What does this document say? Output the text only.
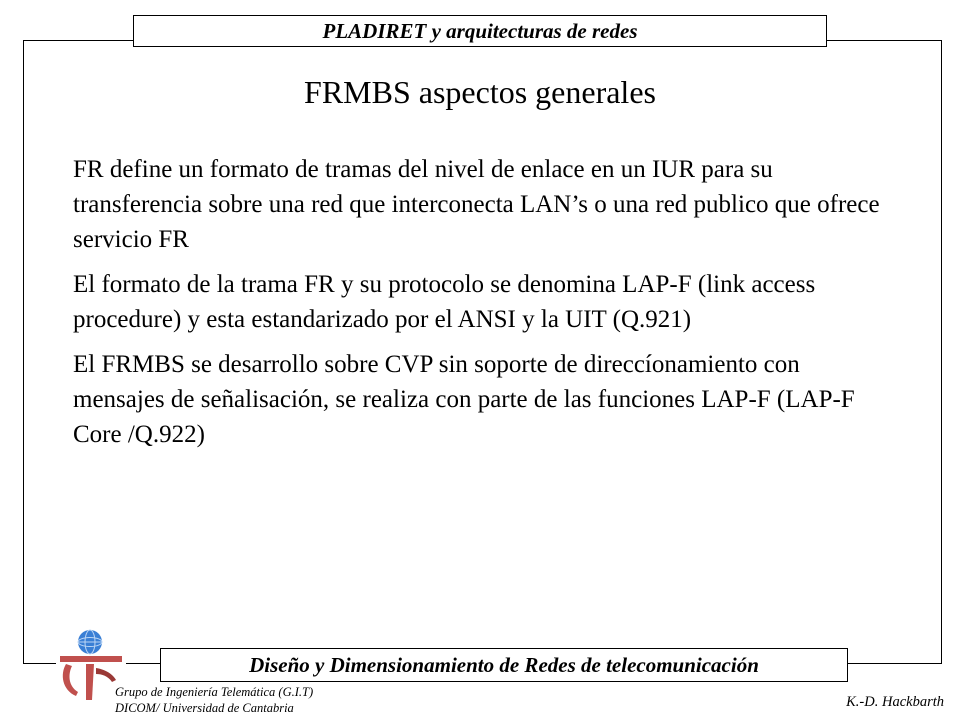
PLADIRET y arquitecturas de redes
FRMBS aspectos generales

FR define un formato de tramas del nivel de enlace en un IUR para su transferencia sobre una red que interconecta LAN’s o una red publico que ofrece servicio FR

El formato de la trama FR y su protocolo se denomina LAP-F (link access procedure) y esta estandarizado por el ANSI y la UIT (Q.921)

El FRMBS se desarrollo sobre CVP sin soporte de direccíonamiento con mensajes de señalisación, se realiza con parte de las funciones LAP-F (LAP-F Core /Q.922)

Diseño y Dimensionamiento de Redes de telecomunicación
Grupo de Ingeniería Telemática (G.I.T)
DICOM/ Universidad de Cantabria	K.-D. Hackbarth
